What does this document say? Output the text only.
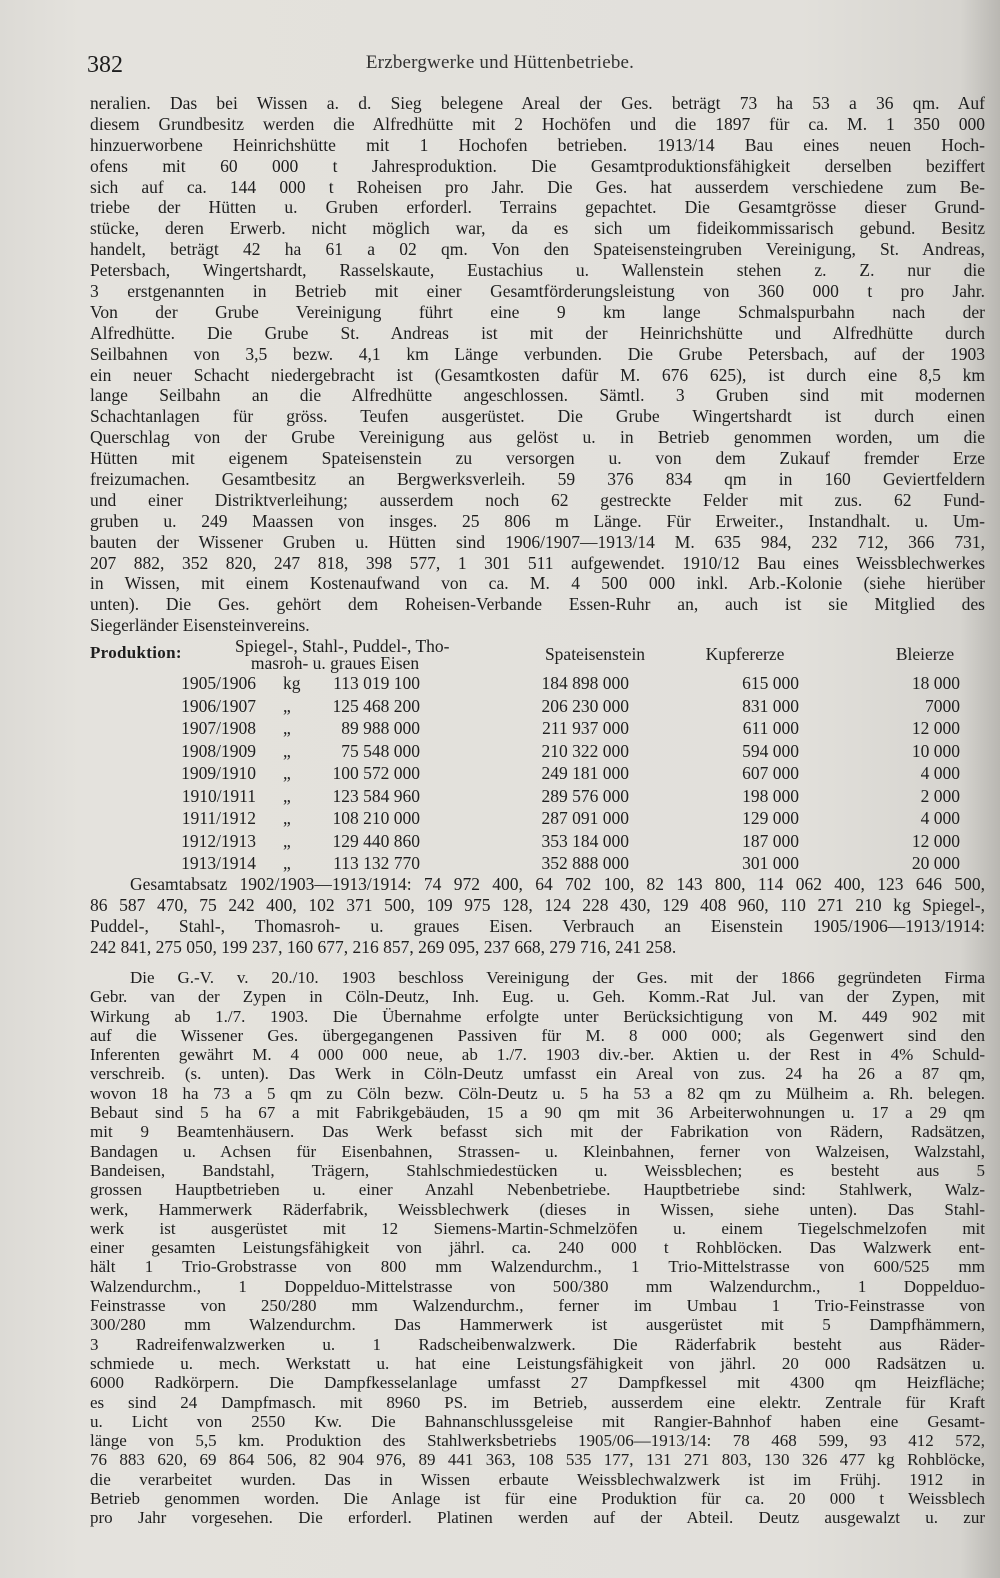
382	Erzbergwerke und Hüttenbetriebe.
neralien. Das bei Wissen a. d. Sieg belegene Areal der Ges. beträgt 73 ha 53 a 36 qm. Auf
diesem Grundbesitz werden die Alfredhütte mit 2 Hochöfen und die 1897 für ca. M. 1 350 000
hinzuerworbene Heinrichshütte mit 1 Hochofen betrieben. 1913/14 Bau eines neuen Hoch-
ofens mit 60 000 t Jahresproduktion. Die Gesamtproduktionsfähigkeit derselben beziffert
sich auf ca. 144 000 t Roheisen pro Jahr. Die Ges. hat ausserdem verschiedene zum Be-
triebe der Hütten u. Gruben erforderl. Terrains gepachtet. Die Gesamtgrösse dieser Grund-
stücke, deren Erwerb. nicht möglich war, da es sich um fideikommissarisch gebund. Besitz
handelt, beträgt 42 ha 61 a 02 qm. Von den Spateisensteingruben Vereinigung, St. Andreas,
Petersbach, Wingertshardt, Rasselskaute, Eustachius u. Wallenstein stehen z. Z. nur die
3 erstgenannten in Betrieb mit einer Gesamtförderungsleistung von 360 000 t pro Jahr.
Von der Grube Vereinigung führt eine 9 km lange Schmalspurbahn nach der
Alfredhütte. Die Grube St. Andreas ist mit der Heinrichshütte und Alfredhütte durch
Seilbahnen von 3,5 bezw. 4,1 km Länge verbunden. Die Grube Petersbach, auf der 1903
ein neuer Schacht niedergebracht ist (Gesamtkosten dafür M. 676 625), ist durch eine 8,5 km
lange Seilbahn an die Alfredhütte angeschlossen. Sämtl. 3 Gruben sind mit modernen
Schachtanlagen für gröss. Teufen ausgerüstet. Die Grube Wingertshardt ist durch einen
Querschlag von der Grube Vereinigung aus gelöst u. in Betrieb genommen worden, um die
Hütten mit eigenem Spateisenstein zu versorgen u. von dem Zukauf fremder Erze
freizumachen. Gesamtbesitz an Bergwerksverleih. 59 376 834 qm in 160 Geviertfeldern
und einer Distriktverleihung; ausserdem noch 62 gestreckte Felder mit zus. 62 Fund-
gruben u. 249 Maassen von insges. 25 806 m Länge. Für Erweiter., Instandhalt. u. Um-
bauten der Wissener Gruben u. Hütten sind 1906/1907—1913/14 M. 635 984, 232 712, 366 731,
207 882, 352 820, 247 818, 398 577, 1 301 511 aufgewendet. 1910/12 Bau eines Weissblechwerkes
in Wissen, mit einem Kostenaufwand von ca. M. 4 500 000 inkl. Arb.-Kolonie (siehe hierüber
unten). Die Ges. gehört dem Roheisen-Verbande Essen-Ruhr an, auch ist sie Mitglied des
Siegerländer Eisensteinvereins.
Produktion:	Spiegel-, Stahl-, Puddel-, Tho-
masroh- u. graues Eisen	Spateisenstein	Kupfererze	Bleierze
1905/1906 kg 113 019 100	184 898 000	615 000	18 000
1906/1907 „ 125 468 200	206 230 000	831 000	7000
1907/1908 „	89 988 000	211 937 000	611 000	12 000
1908/1909 „	75 548 000	210 322 000	594 000	10 000
1909/1910 „ 100 572 000	249 181 000	607 000	4 000
1910/1911 „ 123 584 960	289 576 000	198 000	2 000
1911/1912 „ 108 210 000	287 091 000	129 000	4 000
1912/1913 „ 129 440 860	353 184 000	187 000	12 000
1913/1914 „ 113 132 770	352 888 000	301 000	20 000
Gesamtabsatz 1902/1903—1913/1914: 74 972 400, 64 702 100, 82 143 800, 114 062 400, 123 646 500,
86 587 470, 75 242 400, 102 371 500, 109 975 128, 124 228 430, 129 408 960, 110 271 210 kg Spiegel-,
Puddel-, Stahl-, Thomasroh- u. graues Eisen. Verbrauch an Eisenstein 1905/1906—1913/1914:
242 841, 275 050, 199 237, 160 677, 216 857, 269 095, 237 668, 279 716, 241 258.
Die G.-V. v. 20./10. 1903 beschloss Vereinigung der Ges. mit der 1866 gegründeten Firma
Gebr. van der Zypen in Cöln-Deutz, Inh. Eug. u. Geh. Komm.-Rat Jul. van der Zypen, mit
Wirkung ab 1./7. 1903. Die Übernahme erfolgte unter Berücksichtigung von M. 449 902 mit
auf die Wissener Ges. übergegangenen Passiven für M. 8 000 000; als Gegenwert sind den
Inferenten gewährt M. 4 000 000 neue, ab 1./7. 1903 div.-ber. Aktien u. der Rest in 4% Schuld-
verschreib. (s. unten). Das Werk in Cöln-Deutz umfasst ein Areal von zus. 24 ha 26 a 87 qm,
wovon 18 ha 73 a 5 qm zu Cöln bezw. Cöln-Deutz u. 5 ha 53 a 82 qm zu Mülheim a. Rh. belegen.
Bebaut sind 5 ha 67 a mit Fabrikgebäuden, 15 a 90 qm mit 36 Arbeiterwohnungen u. 17 a 29 qm
mit 9 Beamtenhäusern. Das Werk befasst sich mit der Fabrikation von Rädern, Radsätzen,
Bandagen u. Achsen für Eisenbahnen, Strassen- u. Kleinbahnen, ferner von Walzeisen, Walzstahl,
Bandeisen, Bandstahl, Trägern, Stahlschmiedestücken u. Weissblechen; es besteht aus 5
grossen Hauptbetrieben u. einer Anzahl Nebenbetriebe. Hauptbetriebe sind: Stahlwerk, Walz-
werk, Hammerwerk Räderfabrik, Weissblechwerk (dieses in Wissen, siehe unten). Das Stahl-
werk ist ausgerüstet mit 12 Siemens-Martin-Schmelzöfen u. einem Tiegelschmelzofen mit
einer gesamten Leistungsfähigkeit von jährl. ca. 240 000 t Rohblöcken. Das Walzwerk ent-
hält 1 Trio-Grobstrasse von 800 mm Walzendurchm., 1 Trio-Mittelstrasse von 600/525 mm
Walzendurchm., 1 Doppelduo-Mittelstrasse von 500/380 mm Walzendurchm., 1 Doppelduo-
Feinstrasse von 250/280 mm Walzendurchm., ferner im Umbau 1 Trio-Feinstrasse von
300/280 mm Walzendurchm. Das Hammerwerk ist ausgerüstet mit 5 Dampfhämmern,
3 Radreifenwalzwerken u. 1 Radscheibenwalzwerk. Die Räderfabrik besteht aus Räder-
schmiede u. mech. Werkstatt u. hat eine Leistungsfähigkeit von jährl. 20 000 Radsätzen u.
6000 Radkörpern. Die Dampfkesselanlage umfasst 27 Dampfkessel mit 4300 qm Heizfläche;
es sind 24 Dampfmasch. mit 8960 PS. im Betrieb, ausserdem eine elektr. Zentrale für Kraft
u. Licht von 2550 Kw. Die Bahnanschlussgeleise mit Rangier-Bahnhof haben eine Gesamt-
länge von 5,5 km. Produktion des Stahlwerksbetriebs 1905/06—1913/14: 78 468 599, 93 412 572,
76 883 620, 69 864 506, 82 904 976, 89 441 363, 108 535 177, 131 271 803, 130 326 477 kg Rohblöcke,
die verarbeitet wurden. Das in Wissen erbaute Weissblechwalzwerk ist im Frühj. 1912 in
Betrieb genommen worden. Die Anlage ist für eine Produktion für ca. 20 000 t Weissblech
pro Jahr vorgesehen. Die erforderl. Platinen werden auf der Abteil. Deutz ausgewalzt u. zur
